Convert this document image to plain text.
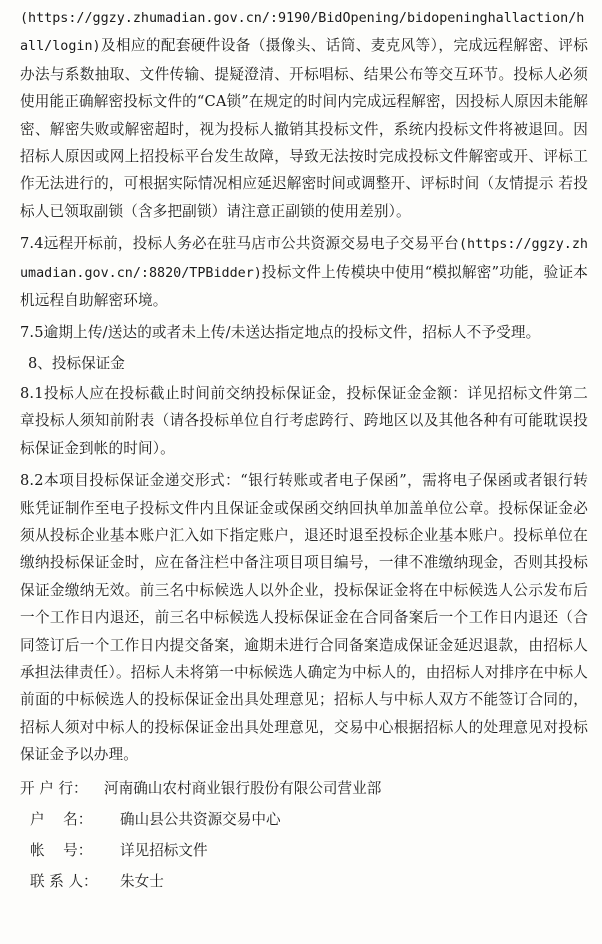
(https://ggzy.zhumadian.gov.cn/:9190/BidOpening/bidopeninghallaction/hall/login)及相应的配套硬件设备（摄像头、话筒、麦克风等），完成远程解密、评标办法与系数抽取、文件传输、提疑澄清、开标唱标、结果公布等交互环节。投标人必须使用能正确解密投标文件的“CA锁”在规定的时间内完成远程解密，因投标人原因未能解密、解密失败或解密超时，视为投标人撤销其投标文件，系统内投标文件将被退回。因招标人原因或网上招投标平台发生故障，导致无法按时完成投标文件解密或开、评标工作无法进行的，可根据实际情况相应延迟解密时间或调整开、评标时间（友情提示 若投标人已领取副锁（含多把副锁）请注意正副锁的使用差别）。

7.4远程开标前，投标人务必在驻马店市公共资源交易电子交易平台(https://ggzy.zhumadian.gov.cn/:8820/TPBidder)投标文件上传模块中使用“模拟解密”功能，验证本机远程自助解密环境。

7.5逾期上传/送达的或者未上传/未送达指定地点的投标文件，招标人不予受理。

8、投标保证金

8.1投标人应在投标截止时间前交纳投标保证金，投标保证金金额：详见招标文件第二章投标人须知前附表（请各投标单位自行考虑跨行、跨地区以及其他各种有可能耽误投标保证金到帐的时间）。

8.2本项目投标保证金递交形式：“银行转账或者电子保函”，需将电子保函或者银行转账凭证制作至电子投标文件内且保证金或保函交纳回执单加盖单位公章。投标保证金必须从投标企业基本账户汇入如下指定账户，退还时退至投标企业基本账户。投标单位在缴纳投标保证金时，应在备注栏中备注项目项目编号，一律不准缴纳现金，否则其投标保证金缴纳无效。前三名中标候选人以外企业，投标保证金将在中标候选人公示发布后一个工作日内退还，前三名中标候选人投标保证金在合同备案后一个工作日内退还（合同签订后一个工作日内提交备案，逾期未进行合同备案造成保证金延迟退款，由招标人承担法律责任）。招标人未将第一中标候选人确定为中标人的，由招标人对排序在中标人前面的中标候选人的投标保证金出具处理意见；招标人与中标人双方不能签订合同的，招标人须对中标人的投标保证金出具处理意见，交易中心根据招标人的处理意见对投标保证金予以办理。

开 户 行：	河南确山农村商业银行股份有限公司营业部
户    名：	确山县公共资源交易中心
帐    号：	详见招标文件
联 系 人：	朱女士
